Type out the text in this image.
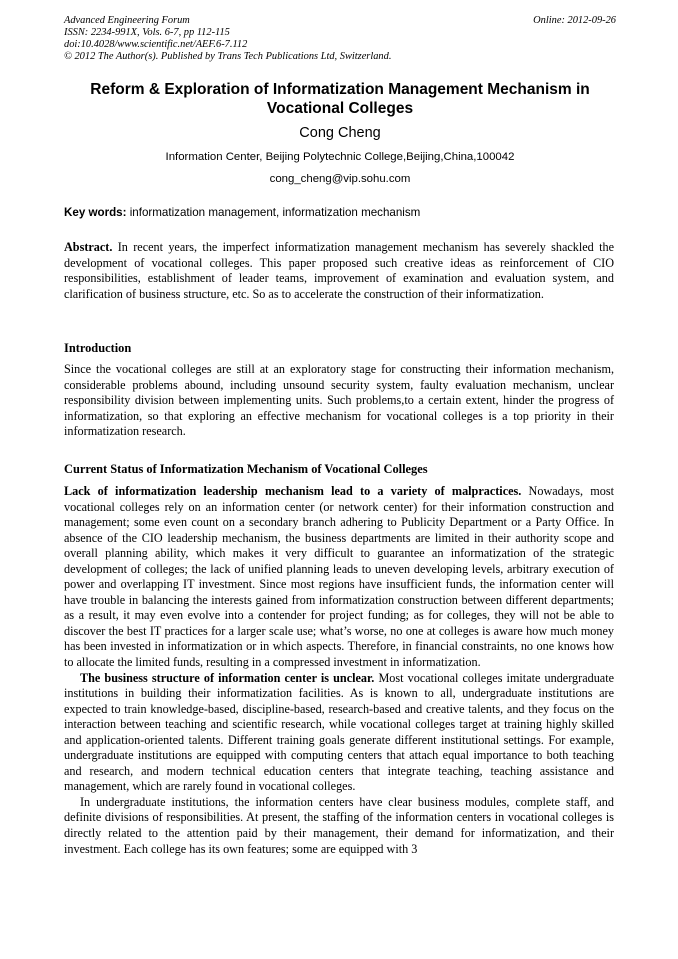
Advanced Engineering Forum	Online: 2012-09-26
ISSN: 2234-991X, Vols. 6-7, pp 112-115
doi:10.4028/www.scientific.net/AEF.6-7.112
© 2012 The Author(s). Published by Trans Tech Publications Ltd, Switzerland.
Reform & Exploration of Informatization Management Mechanism in Vocational Colleges
Cong Cheng
Information Center, Beijing Polytechnic College,Beijing,China,100042
cong_cheng@vip.sohu.com
Key words: informatization management, informatization mechanism

Abstract. In recent years, the imperfect informatization management mechanism has severely shackled the development of vocational colleges. This paper proposed such creative ideas as reinforcement of CIO responsibilities, establishment of leader teams, improvement of examination and evaluation system, and clarification of business structure, etc. So as to accelerate the construction of their informatization.

Introduction

Since the vocational colleges are still at an exploratory stage for constructing their information mechanism, considerable problems abound, including unsound security system, faulty evaluation mechanism, unclear responsibility division between implementing units. Such problems,to a certain extent, hinder the progress of informatization, so that exploring an effective mechanism for vocational colleges is a top priority in their informatization research.

Current Status of Informatization Mechanism of Vocational Colleges

Lack of informatization leadership mechanism lead to a variety of malpractices. Nowadays, most vocational colleges rely on an information center (or network center) for their information construction and management; some even count on a secondary branch adhering to Publicity Department or a Party Office. In absence of the CIO leadership mechanism, the business departments are limited in their authority scope and overall planning ability, which makes it very difficult to guarantee an informatization of the strategic development of colleges; the lack of unified planning leads to uneven developing levels, arbitrary execution of power and overlapping IT investment. Since most regions have insufficient funds, the information center will have trouble in balancing the interests gained from informatization construction between different departments; as a result, it may even evolve into a contender for project funding; as for colleges, they will not be able to discover the best IT practices for a larger scale use; what’s worse, no one at colleges is aware how much money has been invested in informatization or in which aspects. Therefore, in financial constraints, no one knows how to allocate the limited funds, resulting in a compressed investment in informatization.

The business structure of information center is unclear. Most vocational colleges imitate undergraduate institutions in building their informatization facilities. As is known to all, undergraduate institutions are expected to train knowledge-based, discipline-based, research-based and creative talents, and they focus on the interaction between teaching and scientific research, while vocational colleges target at training highly skilled and application-oriented talents. Different training goals generate different institutional settings. For example, undergraduate institutions are equipped with computing centers that attach equal importance to both teaching and research, and modern technical education centers that integrate teaching, teaching assistance and management, which are rarely found in vocational colleges.

In undergraduate institutions, the information centers have clear business modules, complete staff, and definite divisions of responsibilities. At present, the staffing of the information centers in vocational colleges is directly related to the attention paid by their management, their demand for informatization, and their investment. Each college has its own features; some are equipped with 3
